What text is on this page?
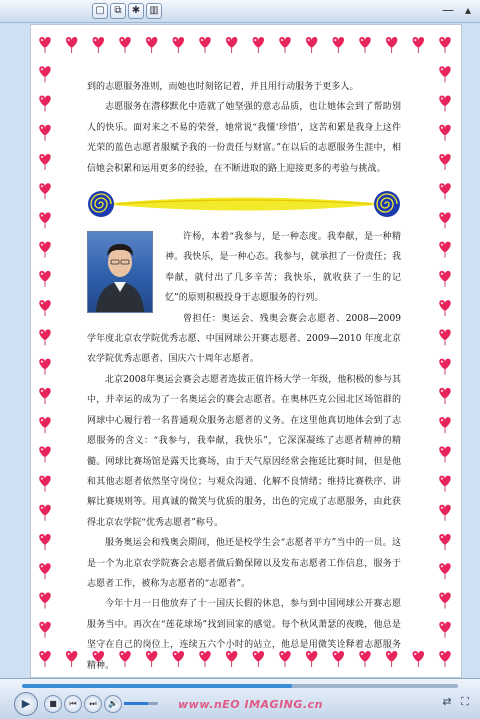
▢ ⧉	✱ ▥	— ▴

到的志愿服务准则，而她也时刻铭记着，并且用行动服务于更多人。

志愿服务在潜移默化中造就了她坚强的意志品质，也让她体会到了帮助别人的快乐。面对来之不易的荣誉，她常说“我懂‘珍惜’，这苦和累是我身上这件光荣的蓝色志愿者服赋予我的一份责任与财富。”在以后的志愿服务生涯中，相信她会积累和运用更多的经验，在不断进取的路上迎接更多的考验与挑战。

许杨，本着“我参与，是一种态度。我奉献，是一种精神。我快乐，是一种心态。我参与，就承担了一份责任；我奉献，就付出了几多辛苦；我快乐，就收获了一生的记忆”的原则积极投身于志愿服务的行列。

曾担任：奥运会、残奥会赛会志愿者、2008—2009 学年度北京农学院优秀志愿、中国网球公开赛志愿者、2009—2010 年度北京农学院优秀志愿者、国庆六十周年志愿者。

北京2008年奥运会赛会志愿者选拔正值许杨大学一年级，他积极的参与其中，并幸运的成为了一名奥运会的赛会志愿者。在奥林匹克公园北区场馆群的网球中心履行着一名普通观众服务志愿者的义务。在这里他真切地体会到了志愿服务的含义：“我参与，我奉献，我快乐”，它深深凝练了志愿者精神的精髓。网球比赛场馆是露天比赛场，由于天气原因经常会拖延比赛时间，但是他和其他志愿者依然坚守岗位；与观众沟通、化解不良情绪；维持比赛秩序、讲解比赛规则等。用真诚的微笑与优质的服务，出色的完成了志愿服务，由此获得北京农学院“优秀志愿者”称号。

服务奥运会和残奥会期间，他还是校学生会“志愿者平方”当中的一员。这是一个为北京农学院赛会志愿者做后勤保障以及发布志愿者工作信息，服务于志愿者工作，被称为志愿者的“志愿者”。

今年十月一日他放弃了十一国庆长假的休息，参与到中国网球公开赛志愿服务当中。再次在“莲花球场”找到回家的感觉。每个秋风萧瑟的夜晚，他总是坚守在自己的岗位上，连续五六个小时的站立，他总是用微笑诠释着志愿服务精神。

▶	■	⏮	⏭	🔊	www.nEO IMAGING.cn	⇄ ⛶
